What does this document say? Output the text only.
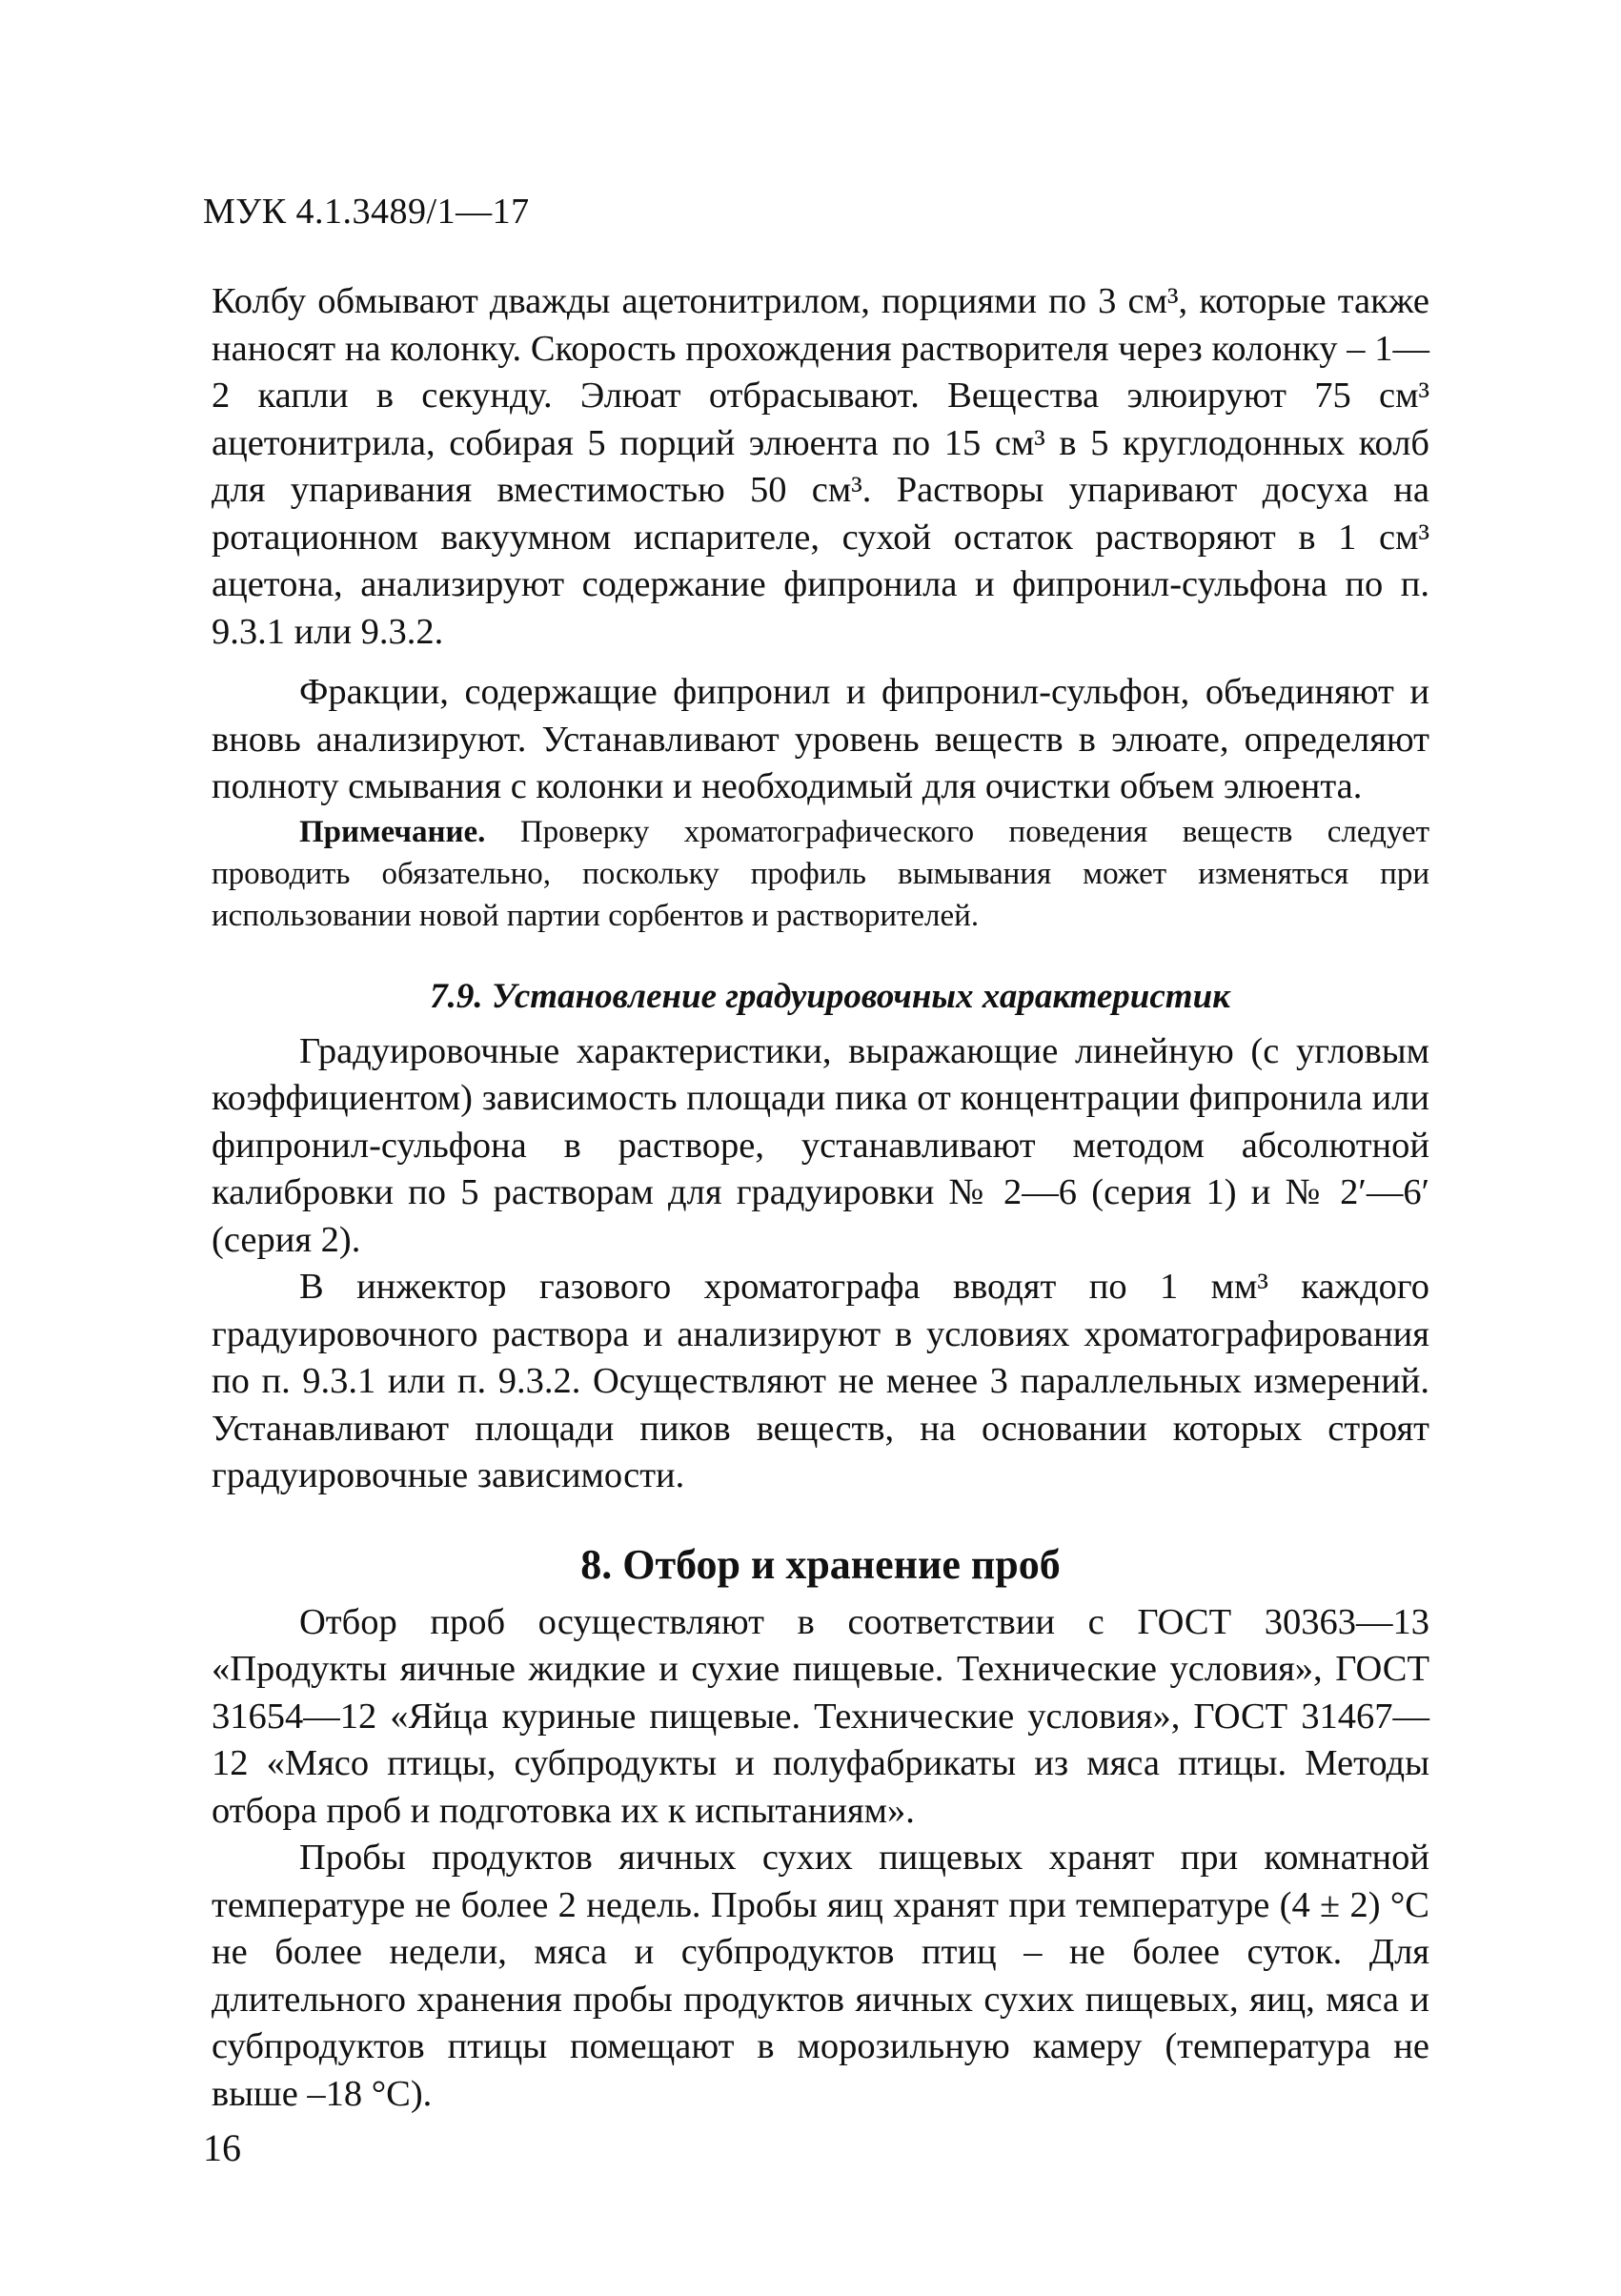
МУК 4.1.3489/1—17

Колбу обмывают дважды ацетонитрилом, порциями по 3 см³, которые также наносят на колонку. Скорость прохождения растворителя через колонку – 1—2 капли в секунду. Элюат отбрасывают. Вещества элюируют 75 см³ ацетонитрила, собирая 5 порций элюента по 15 см³ в 5 круглодонных колб для упаривания вместимостью 50 см³. Растворы упаривают досуха на ротационном вакуумном испарителе, сухой остаток растворяют в 1 см³ ацетона, анализируют содержание фипронила и фипронил-сульфона по п. 9.3.1 или 9.3.2.

Фракции, содержащие фипронил и фипронил-сульфон, объединяют и вновь анализируют. Устанавливают уровень веществ в элюате, определяют полноту смывания с колонки и необходимый для очистки объем элюента.

Примечание. Проверку хроматографического поведения веществ следует проводить обязательно, поскольку профиль вымывания может изменяться при использовании новой партии сорбентов и растворителей.

7.9. Установление градуировочных характеристик

Градуировочные характеристики, выражающие линейную (с угловым коэффициентом) зависимость площади пика от концентрации фипронила или фипронил-сульфона в растворе, устанавливают методом абсолютной калибровки по 5 растворам для градуировки № 2—6 (серия 1) и № 2′—6′ (серия 2).

В инжектор газового хроматографа вводят по 1 мм³ каждого градуировочного раствора и анализируют в условиях хроматографирования по п. 9.3.1 или п. 9.3.2. Осуществляют не менее 3 параллельных измерений. Устанавливают площади пиков веществ, на основании которых строят градуировочные зависимости.

8. Отбор и хранение проб

Отбор проб осуществляют в соответствии с ГОСТ 30363—13 «Продукты яичные жидкие и сухие пищевые. Технические условия», ГОСТ 31654—12 «Яйца куриные пищевые. Технические условия», ГОСТ 31467—12 «Мясо птицы, субпродукты и полуфабрикаты из мяса птицы. Методы отбора проб и подготовка их к испытаниям».

Пробы продуктов яичных сухих пищевых хранят при комнатной температуре не более 2 недель. Пробы яиц хранят при температуре (4 ± 2) °С не более недели, мяса и субпродуктов птиц – не более суток. Для длительного хранения пробы продуктов яичных сухих пищевых, яиц, мяса и субпродуктов птицы помещают в морозильную камеру (температура не выше –18 °С).

16
